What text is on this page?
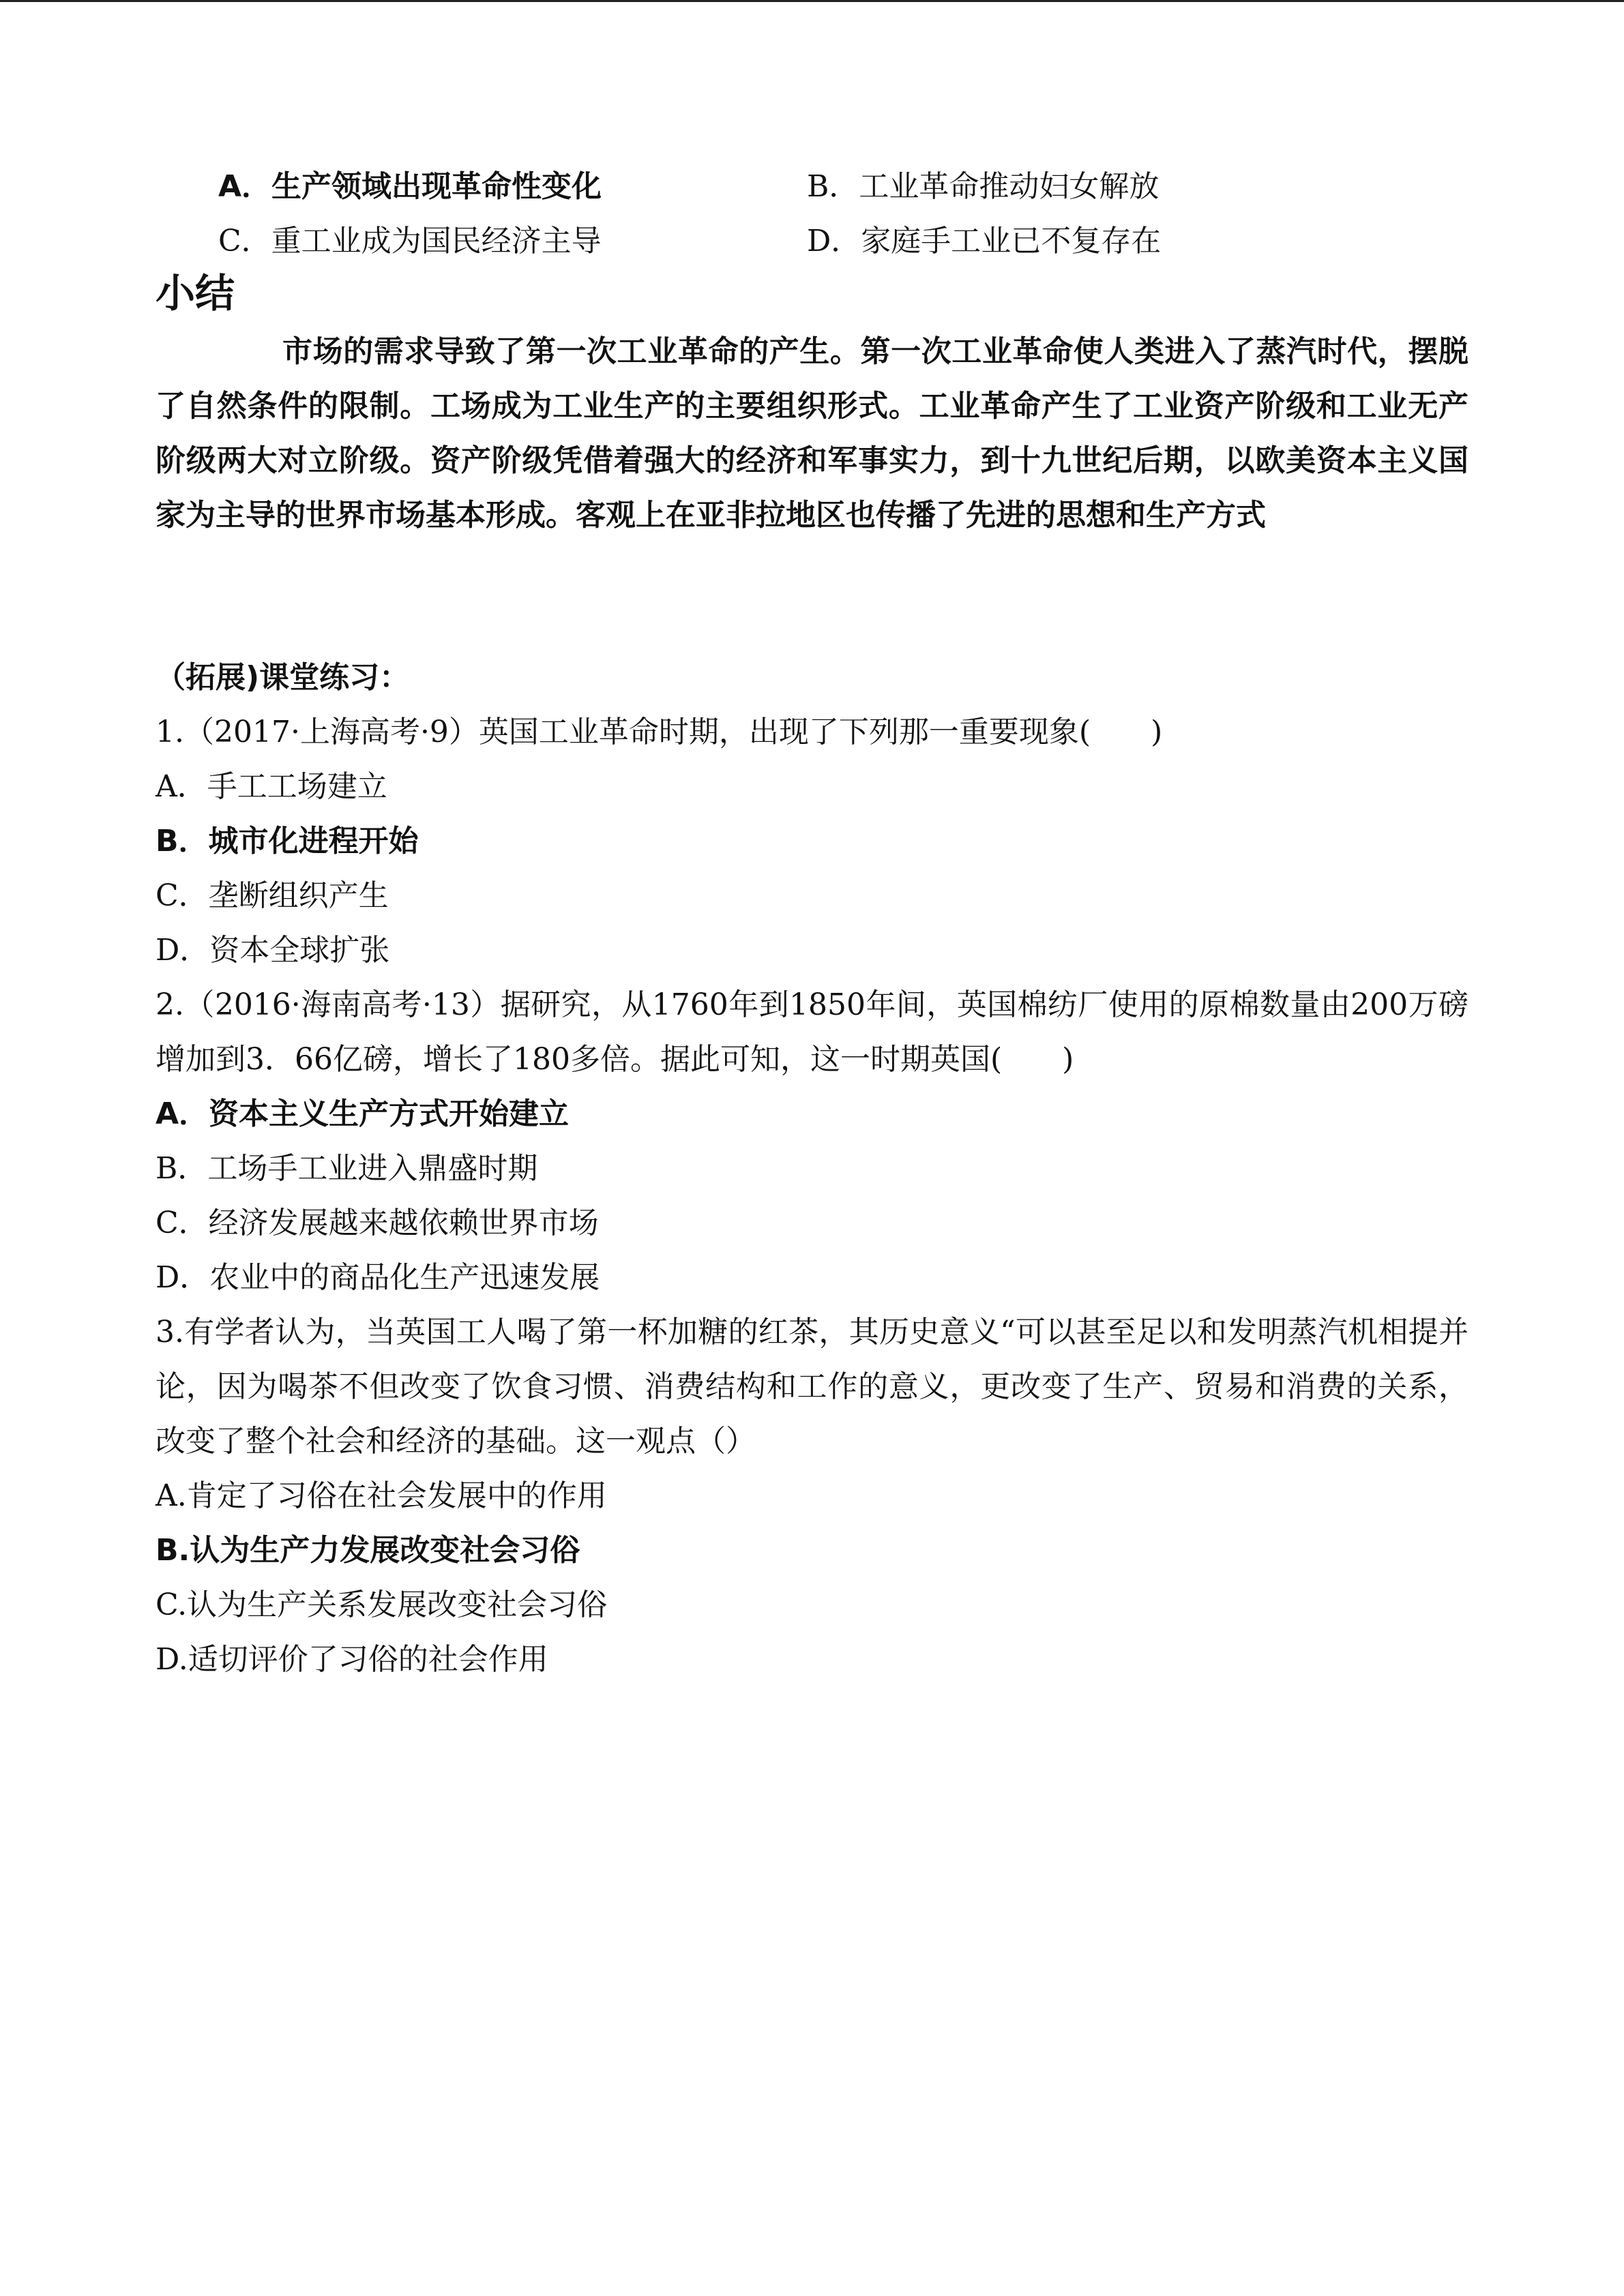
A．生产领域出现革命性变化	B．工业革命推动妇女解放
C．重工业成为国民经济主导	D．家庭手工业已不复存在
小结
市场的需求导致了第一次工业革命的产生。第一次工业革命使人类进入了蒸汽时代，摆脱了自然条件的限制。工场成为工业生产的主要组织形式。工业革命产生了工业资产阶级和工业无产阶级两大对立阶级。资产阶级凭借着强大的经济和军事实力，到十九世纪后期，以欧美资本主义国家为主导的世界市场基本形成。客观上在亚非拉地区也传播了先进的思想和生产方式
（拓展)课堂练习：
1.（2017·上海高考·9）英国工业革命时期，出现了下列那一重要现象(　　)
A．手工工场建立
B．城市化进程开始
C．垄断组织产生
D．资本全球扩张
2.（2016·海南高考·13）据研究，从1760年到1850年间，英国棉纺厂使用的原棉数量由200万磅增加到3．66亿磅，增长了180多倍。据此可知，这一时期英国(　　)
A．资本主义生产方式开始建立
B．工场手工业进入鼎盛时期
C．经济发展越来越依赖世界市场
D．农业中的商品化生产迅速发展
3.有学者认为，当英国工人喝了第一杯加糖的红茶，其历史意义“可以甚至足以和发明蒸汽机相提并论，因为喝茶不但改变了饮食习惯、消费结构和工作的意义，更改变了生产、贸易和消费的关系，改变了整个社会和经济的基础。这一观点（）
A.肯定了习俗在社会发展中的作用
B.认为生产力发展改变社会习俗
C.认为生产关系发展改变社会习俗
D.适切评价了习俗的社会作用
